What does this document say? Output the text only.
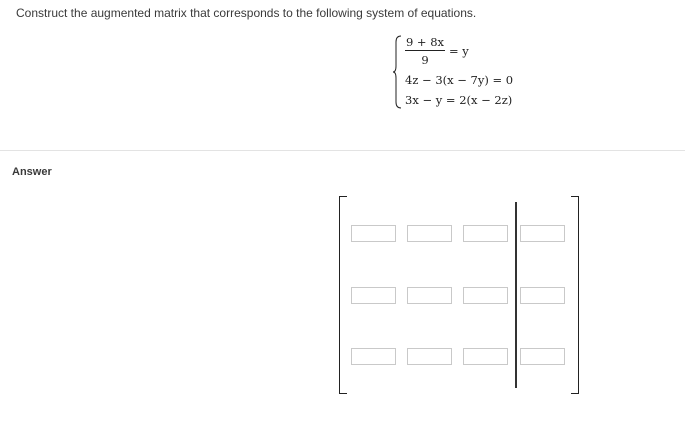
Construct the augmented matrix that corresponds to the following system of equations.
9 + 8x
9
= y
4z − 3(x − 7y) = 0
3x − y = 2(x − 2z)
Answer
